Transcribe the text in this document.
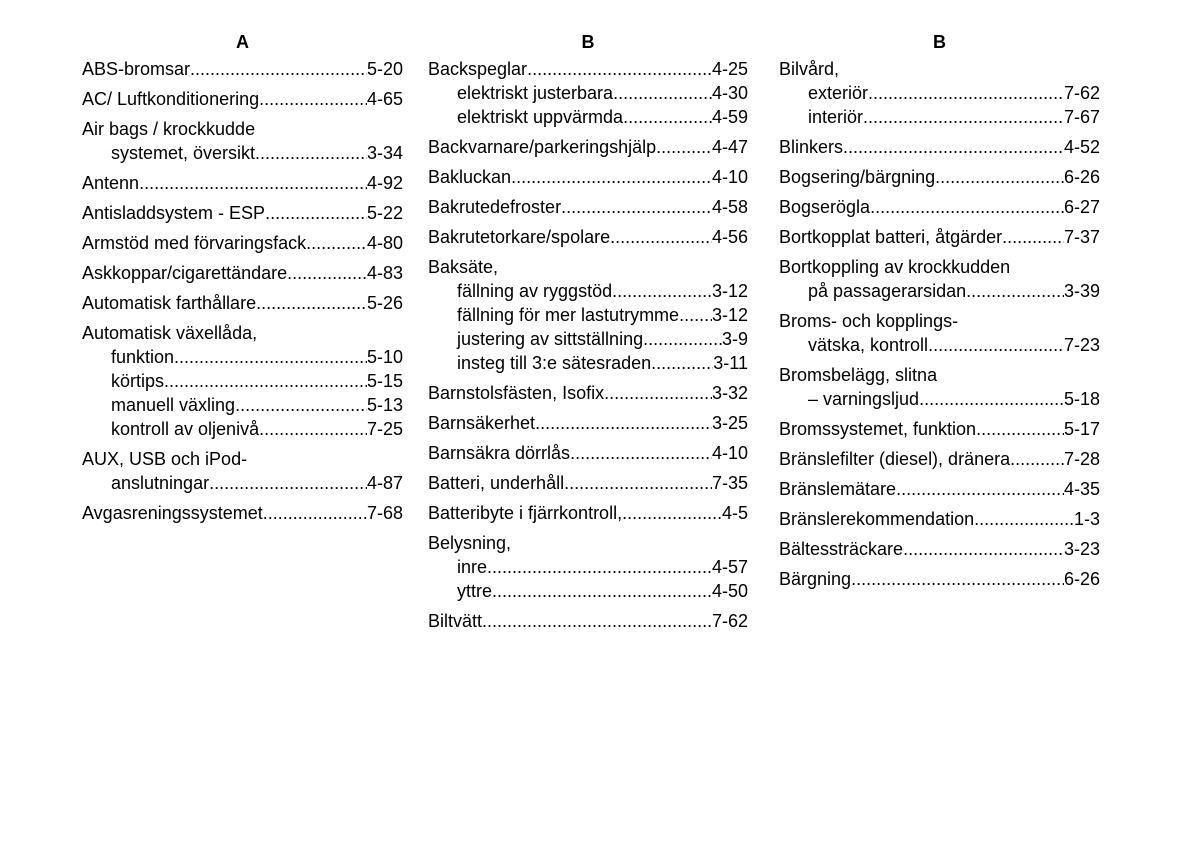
A
ABS-bromsar .....	5-20
AC/ Luftkonditionering .....	4-65
Air bags / krockkudde
systemet, översikt .....	3-34
Antenn .....	4-92
Antisladdsystem - ESP .....	5-22
Armstöd med förvaringsfack .....	4-80
Askkoppar/cigarettändare .....	4-83
Automatisk farthållare .....	5-26
Automatisk växellåda,
funktion .....	5-10
körtips .....	5-15
manuell växling .....	5-13
kontroll av oljenivå .....	7-25
AUX, USB och iPod-
anslutningar .....	4-87
Avgasreningssystemet .....	7-68
B
Backspeglar .....	4-25
elektriskt justerbara .....	4-30
elektriskt uppvärmda .....	4-59
Backvarnare/parkeringshjälp .....	4-47
Bakluckan .....	4-10
Bakrutedefroster .....	4-58
Bakrutetorkare/spolare .....	4-56
Baksäte,
fällning av ryggstöd .....	3-12
fällning för mer lastutrymme ..... 3-12
justering av sittställning .....	3-9
insteg till 3:e sätesraden .....	3-11
Barnstolsfästen, Isofix .....	3-32
Barnsäkerhet .....	3-25
Barnsäkra dörrlås .....	4-10
Batteri, underhåll .....	7-35
Batteribyte i fjärrkontroll, .....	4-5
Belysning,
inre .....	4-57
yttre .....	4-50
Biltvätt .....	7-62
B
Bilvård,
exteriör .....	7-62
interiör .....	7-67
Blinkers .....	4-52
Bogsering/bärgning .....	6-26
Bogserögla .....	6-27
Bortkopplat batteri, åtgärder .....	7-37
Bortkoppling av krockkudden
på passagerarsidan .....	3-39
Broms- och kopplings-
vätska, kontroll .....	7-23
Bromsbelägg, slitna
– varningsljud .....	5-18
Bromssystemet, funktion .....	5-17
Bränslefilter (diesel), dränera .....	7-28
Bränslemätare .....	4-35
Bränslerekommendation .....	1-3
Bältessträckare .....	3-23
Bärgning .....	6-26
